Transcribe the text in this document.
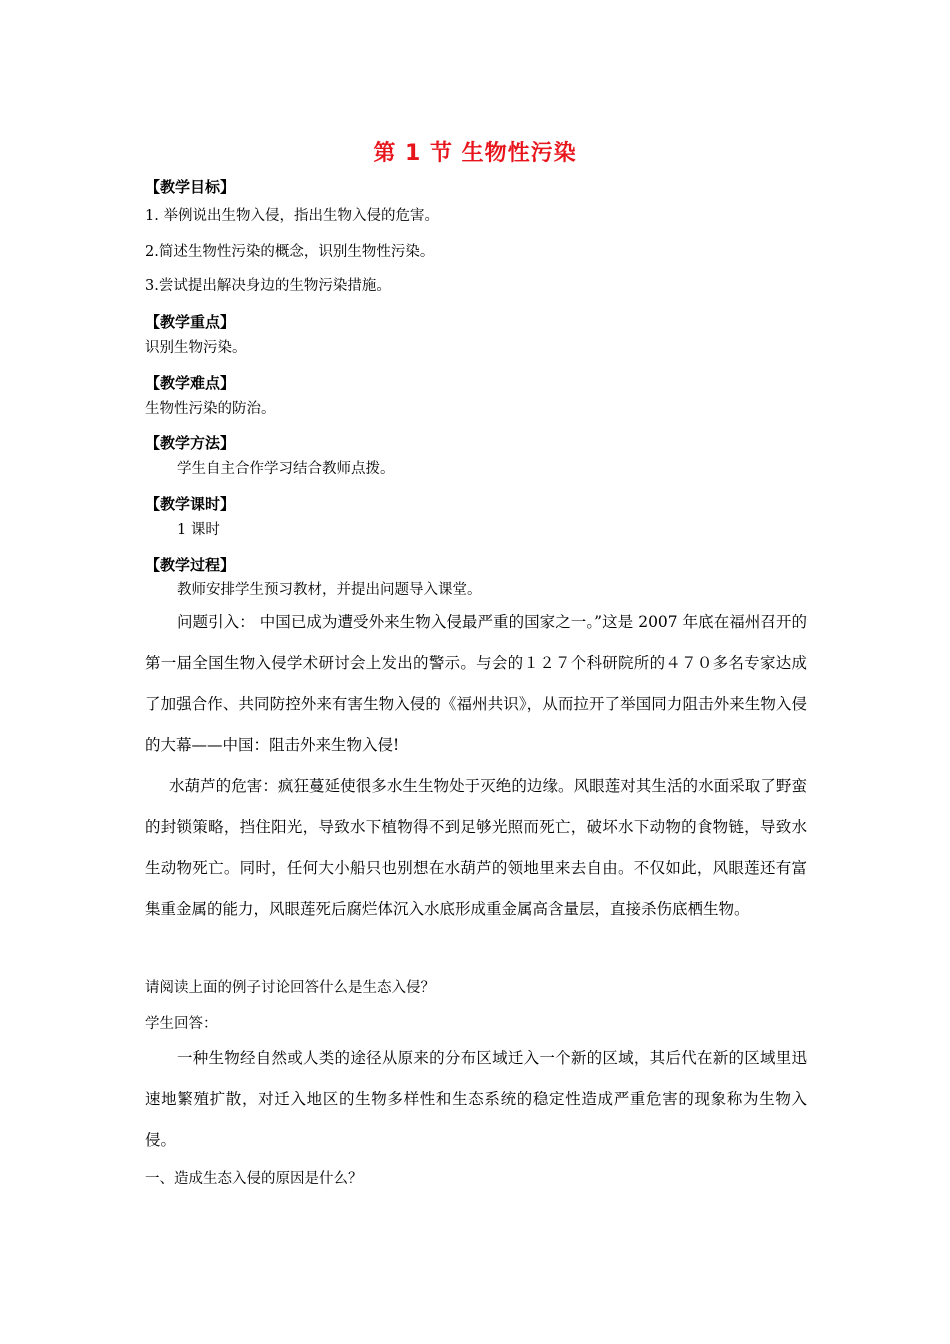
第 1 节 生物性污染
【教学目标】
1. 举例说出生物入侵，指出生物入侵的危害。
2.简述生物性污染的概念，识别生物性污染。
3.尝试提出解决身边的生物污染措施。
【教学重点】
识别生物污染。
【教学难点】
生物性污染的防治。
【教学方法】
学生自主合作学习结合教师点拨。
【教学课时】
1 课时
【教学过程】
教师安排学生预习教材，并提出问题导入课堂。

问题引入： 中国已成为遭受外来生物入侵最严重的国家之一。”这是 2007 年底在福州召开的第一届全国生物入侵学术研讨会上发出的警示。与会的１２７个科研院所的４７０多名专家达成了加强合作、共同防控外来有害生物入侵的《福州共识》，从而拉开了举国同力阻击外来生物入侵的大幕——中国：阻击外来生物入侵!

水葫芦的危害：疯狂蔓延使很多水生生物处于灭绝的边缘。风眼莲对其生活的水面采取了野蛮的封锁策略，挡住阳光，导致水下植物得不到足够光照而死亡，破坏水下动物的食物链，导致水生动物死亡。同时，任何大小船只也别想在水葫芦的领地里来去自由。不仅如此，风眼莲还有富集重金属的能力，风眼莲死后腐烂体沉入水底形成重金属高含量层，直接杀伤底栖生物。

请阅读上面的例子讨论回答什么是生态入侵？
学生回答：

一种生物经自然或人类的途径从原来的分布区域迁入一个新的区域，其后代在新的区域里迅速地繁殖扩散，对迁入地区的生物多样性和生态系统的稳定性造成严重危害的现象称为生物入侵。

一、造成生态入侵的原因是什么？
